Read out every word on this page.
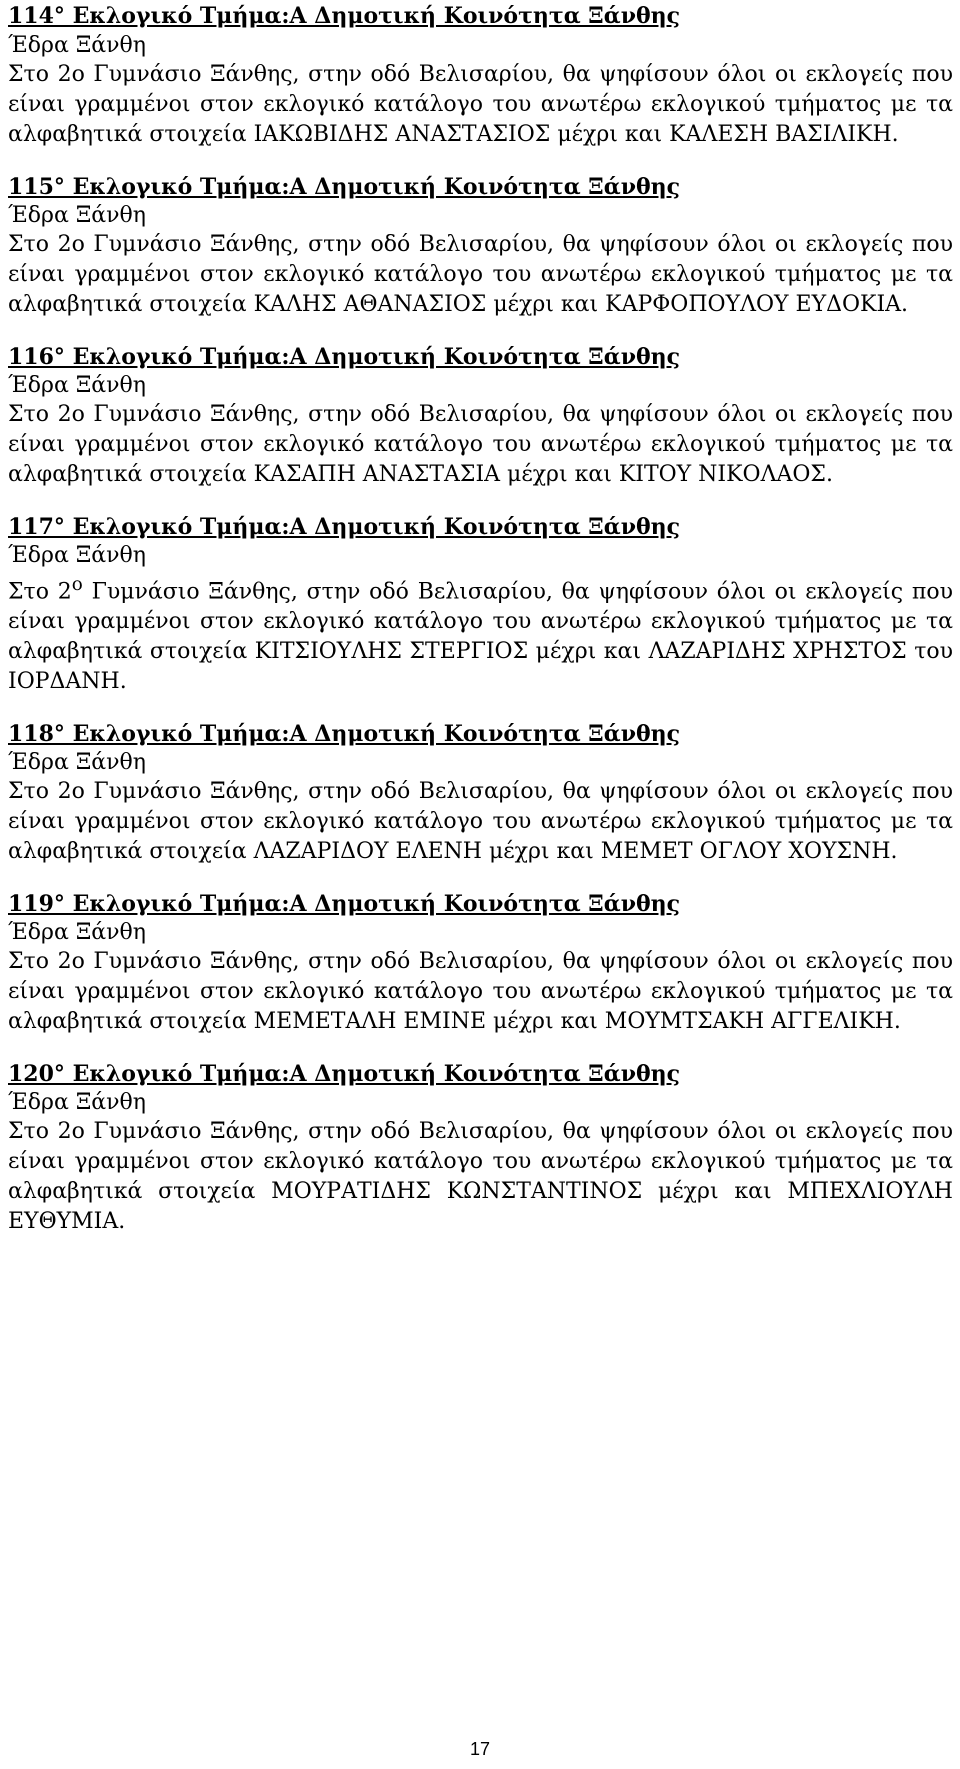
114° Εκλογικό Τμήμα:Α Δημοτική Κοινότητα Ξάνθης

Έδρα Ξάνθη

Στο 2ο Γυμνάσιο Ξάνθης, στην οδό Βελισαρίου, θα ψηφίσουν όλοι οι εκλογείς που είναι γραμμένοι στον εκλογικό κατάλογο του ανωτέρω εκλογικού τμήματος με τα αλφαβητικά στοιχεία ΙΑΚΩΒΙΔΗΣ ΑΝΑΣΤΑΣΙΟΣ μέχρι και ΚΑΛΕΣΗ ΒΑΣΙΛΙΚΗ.

115° Εκλογικό Τμήμα:Α Δημοτική Κοινότητα Ξάνθης

Έδρα Ξάνθη

Στο 2ο Γυμνάσιο Ξάνθης, στην οδό Βελισαρίου, θα ψηφίσουν όλοι οι εκλογείς που είναι γραμμένοι στον εκλογικό κατάλογο του ανωτέρω εκλογικού τμήματος με τα αλφαβητικά στοιχεία ΚΑΛΗΣ ΑΘΑΝΑΣΙΟΣ μέχρι και ΚΑΡΦΟΠΟΥΛΟΥ ΕΥΔΟΚΙΑ.

116° Εκλογικό Τμήμα:Α Δημοτική Κοινότητα Ξάνθης

Έδρα Ξάνθη

Στο 2ο Γυμνάσιο Ξάνθης, στην οδό Βελισαρίου, θα ψηφίσουν όλοι οι εκλογείς που είναι γραμμένοι στον εκλογικό κατάλογο του ανωτέρω εκλογικού τμήματος με τα αλφαβητικά στοιχεία ΚΑΣΑΠΗ ΑΝΑΣΤΑΣΙΑ μέχρι και ΚΙΤΟΥ ΝΙΚΟΛΑΟΣ.

117° Εκλογικό Τμήμα:Α Δημοτική Κοινότητα Ξάνθης

Έδρα Ξάνθη

Στο $2^o$ Γυμνάσιο Ξάνθης, στην οδό Βελισαρίου, θα ψηφίσουν όλοι οι εκλογείς που είναι γραμμένοι στον εκλογικό κατάλογο του ανωτέρω εκλογικού τμήματος με τα αλφαβητικά στοιχεία ΚΙΤΣΙΟΥΛΗΣ ΣΤΕΡΓΙΟΣ μέχρι και ΛΑΖΑΡΙΔΗΣ ΧΡΗΣΤΟΣ του ΙΟΡΔΑΝΗ.

118° Εκλογικό Τμήμα:Α Δημοτική Κοινότητα Ξάνθης

Έδρα Ξάνθη

Στο 2ο Γυμνάσιο Ξάνθης, στην οδό Βελισαρίου, θα ψηφίσουν όλοι οι εκλογείς που είναι γραμμένοι στον εκλογικό κατάλογο του ανωτέρω εκλογικού τμήματος με τα αλφαβητικά στοιχεία ΛΑΖΑΡΙΔΟΥ ΕΛΕΝΗ μέχρι και ΜΕΜΕΤ ΟΓΛΟΥ ΧΟΥΣΝΗ.

119° Εκλογικό Τμήμα:Α Δημοτική Κοινότητα Ξάνθης

Έδρα Ξάνθη

Στο 2ο Γυμνάσιο Ξάνθης, στην οδό Βελισαρίου, θα ψηφίσουν όλοι οι εκλογείς που είναι γραμμένοι στον εκλογικό κατάλογο του ανωτέρω εκλογικού τμήματος με τα αλφαβητικά στοιχεία ΜΕΜΕΤΑΛΗ ΕΜΙΝΕ μέχρι και ΜΟΥΜΤΣΑΚΗ ΑΓΓΕΛΙΚΗ.

120° Εκλογικό Τμήμα:Α Δημοτική Κοινότητα Ξάνθης

Έδρα Ξάνθη

Στο 2ο Γυμνάσιο Ξάνθης, στην οδό Βελισαρίου, θα ψηφίσουν όλοι οι εκλογείς που είναι γραμμένοι στον εκλογικό κατάλογο του ανωτέρω εκλογικού τμήματος με τα αλφαβητικά στοιχεία ΜΟΥΡΑΤΙΔΗΣ ΚΩΝΣΤΑΝΤΙΝΟΣ μέχρι και ΜΠΕΧΛΙΟΥΛΗ ΕΥΘΥΜΙΑ.

17
